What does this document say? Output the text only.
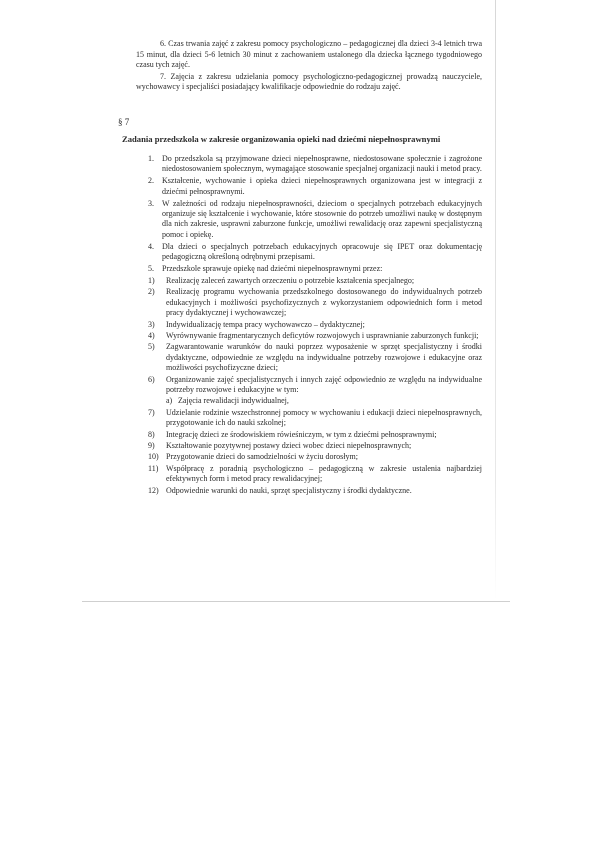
6. Czas trwania zajęć z zakresu pomocy psychologiczno – pedagogicznej dla dzieci 3-4 letnich trwa 15 minut, dla dzieci 5-6 letnich 30 minut z zachowaniem ustalonego dla dziecka łącznego tygodniowego czasu tych zajęć.

7. Zajęcia z zakresu udzielania pomocy psychologiczno-pedagogicznej prowadzą nauczyciele, wychowawcy i specjaliści posiadający kwalifikacje odpowiednie do rodzaju zajęć.

§ 7
Zadania przedszkola w zakresie organizowania opieki nad dziećmi niepełnosprawnymi
1.	Do przedszkola są przyjmowane dzieci niepełnosprawne, niedostosowane społecznie i zagrożone niedostosowaniem społecznym, wymagające stosowanie specjalnej organizacji nauki i metod pracy.
2.	Kształcenie, wychowanie i opieka dzieci niepełnosprawnych organizowana jest w integracji z dziećmi pełnosprawnymi.
3.	W zależności od rodzaju niepełnosprawności, dzieciom o specjalnych potrzebach edukacyjnych organizuje się kształcenie i wychowanie, które stosownie do potrzeb umożliwi naukę w dostępnym dla nich zakresie, usprawni zaburzone funkcje, umożliwi rewalidację oraz zapewni specjalistyczną pomoc i opiekę.
4.	Dla dzieci o specjalnych potrzebach edukacyjnych opracowuje się IPET oraz dokumentację pedagogiczną określoną odrębnymi przepisami.
5.	Przedszkole sprawuje opiekę nad dziećmi niepełnosprawnymi przez:
1)	Realizację zaleceń zawartych orzeczeniu o potrzebie kształcenia specjalnego;
2)	Realizację programu wychowania przedszkolnego dostosowanego do indywidualnych potrzeb edukacyjnych i możliwości psychofizycznych z wykorzystaniem odpowiednich form i metod pracy dydaktycznej i wychowawczej;
3)	Indywidualizację tempa pracy wychowawczo – dydaktycznej;
4)	Wyrównywanie fragmentarycznych deficytów rozwojowych i usprawnianie zaburzonych funkcji;
5)	Zagwarantowanie warunków do nauki poprzez wyposażenie w sprzęt specjalistyczny i środki dydaktyczne, odpowiednie ze względu na indywidualne potrzeby rozwojowe i edukacyjne oraz możliwości psychofizyczne dzieci;
6)	Organizowanie zajęć specjalistycznych i innych zajęć odpowiednio ze względu na indywidualne potrzeby rozwojowe i edukacyjne w tym:
a) Zajęcia rewalidacji indywidualnej,
7)	Udzielanie rodzinie wszechstronnej pomocy w wychowaniu i edukacji dzieci niepełnosprawnych, przygotowanie ich do nauki szkolnej;
8)	Integrację dzieci ze środowiskiem rówieśniczym, w tym z dziećmi pełnosprawnymi;
9)	Kształtowanie pozytywnej postawy dzieci wobec dzieci niepełnosprawnych;
10) Przygotowanie dzieci do samodzielności w życiu dorosłym;
11) Współpracę z poradnią psychologiczno – pedagogiczną w zakresie ustalenia najbardziej efektywnych form i metod pracy rewalidacyjnej;
12) Odpowiednie warunki do nauki, sprzęt specjalistyczny i środki dydaktyczne.
